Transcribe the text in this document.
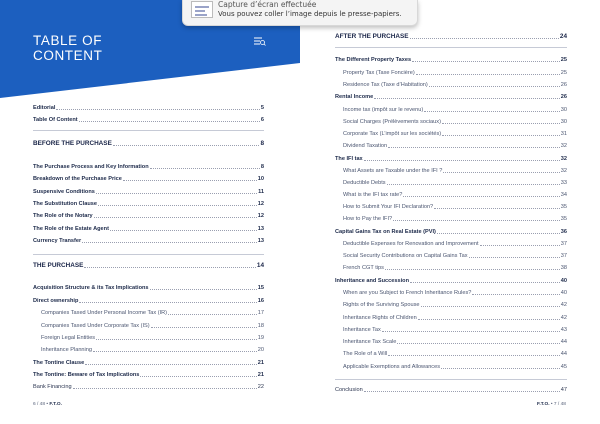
Capture d’écran effectuée
Vous pouvez coller l’image depuis le presse-papiers.
TABLE OF
CONTENT
Editorial	5
Table Of Content	6
BEFORE THE PURCHASE	8
The Purchase Process and Key Information	8
Breakdown of the Purchase Price	10
Suspensive Conditions	11
The Substitution Clause	12
The Role of the Notary	12
The Role of the Estate Agent	13
Currency Transfer	13
THE PURCHASE	14
Acquisition Structure & its Tax Implications	15
Direct ownership	16
Companies Taxed Under Personal Income Tax (IR)	17
Companies Taxed Under Corporate Tax (IS)	18
Foreign Legal Entities	19
Inheritance Planning	20
The Tontine Clause	21
The Tontine: Beware of Tax Implications	21
Bank Financing	22
AFTER THE PURCHASE	24
The Different Property Taxes	25
Property Tax (Taxe Foncière)	25
Residence Tax (Taxe d’Habitation)	26
Rental Income	26
Income tax (impôt sur le revenu)	30
Social Charges (Prélèvements sociaux)	30
Corporate Tax (L’impôt sur les sociétés)	31
Dividend Taxation	32
The IFI tax	32
What Assets are Taxable under the IFI ?	32
Deductible Debts	33
What is the IFI tax rate?	34
How to Submit Your IFI Declaration?	35
How to Pay the IFI?	35
Capital Gains Tax on Real Estate (PVI)	36
Deductible Expenses for Renovation and Improvement	37
Social Security Contributions on Capital Gains Tax	37
French CGT tips	38
Inheritance and Succession	40
When are you Subject to French Inheritance Rules?	40
Rights of the Surviving Spouse	42
Inheritance Rights of Children	42
Inheritance Tax	43
Inheritance Tax Scale	44
The Role of a Will	44
Applicable Exemptions and Allowances	45
Conclusion	47
6 / 48 • F.T.O.	F.T.O. • 7 / 48
